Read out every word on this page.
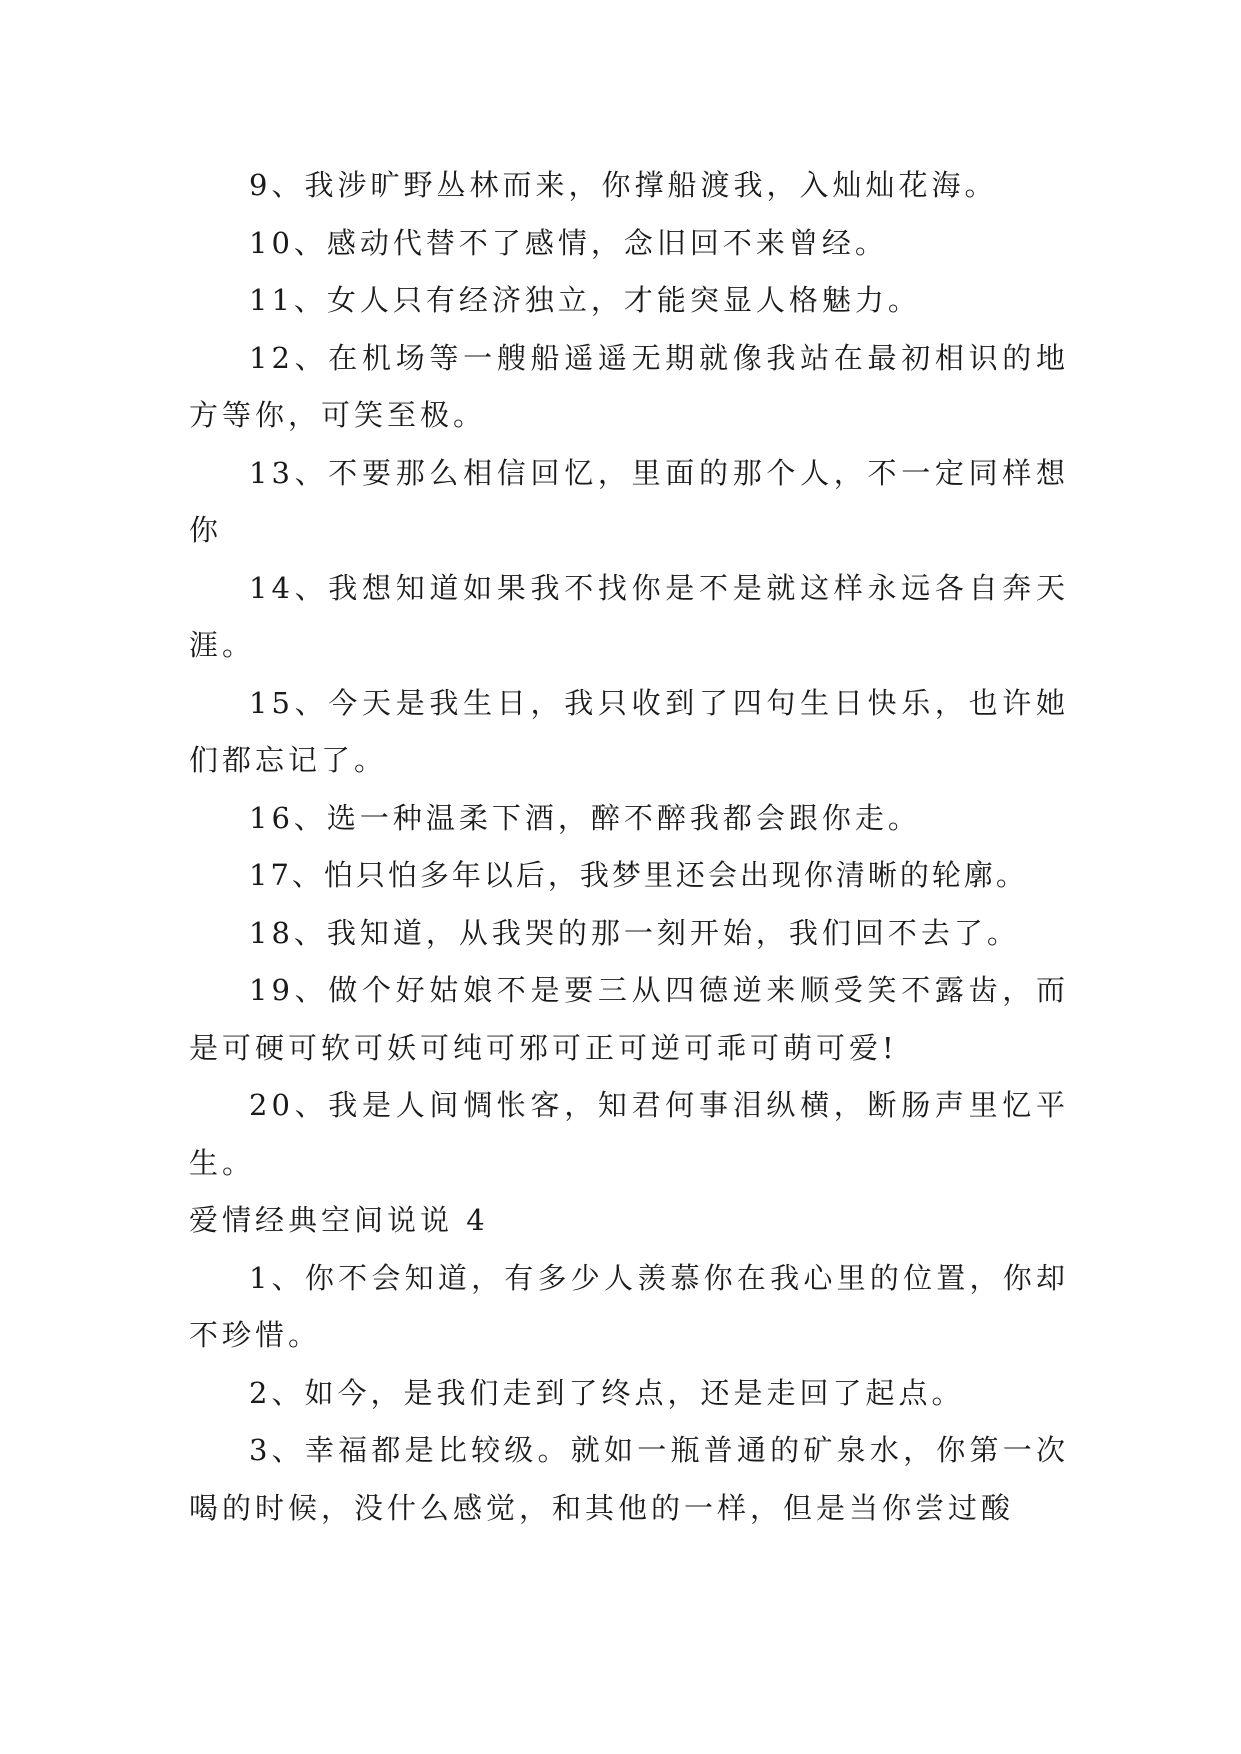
9、我涉旷野丛林而来，你撑船渡我，入灿灿花海。

10、感动代替不了感情，念旧回不来曾经。

11、女人只有经济独立，才能突显人格魅力。

12、在机场等一艘船遥遥无期就像我站在最初相识的地方等你，可笑至极。

13、不要那么相信回忆，里面的那个人，不一定同样想你

14、我想知道如果我不找你是不是就这样永远各自奔天涯。

15、今天是我生日，我只收到了四句生日快乐，也许她们都忘记了。

16、选一种温柔下酒，醉不醉我都会跟你走。

17、怕只怕多年以后，我梦里还会出现你清晰的轮廓。

18、我知道，从我哭的那一刻开始，我们回不去了。

19、做个好姑娘不是要三从四德逆来顺受笑不露齿，而是可硬可软可妖可纯可邪可正可逆可乖可萌可爱!

20、我是人间惆怅客，知君何事泪纵横，断肠声里忆平生。

爱情经典空间说说 4

1、你不会知道，有多少人羡慕你在我心里的位置，你却不珍惜。

2、如今，是我们走到了终点，还是走回了起点。

3、幸福都是比较级。就如一瓶普通的矿泉水，你第一次喝的时候，没什么感觉，和其他的一样，但是当你尝过酸
